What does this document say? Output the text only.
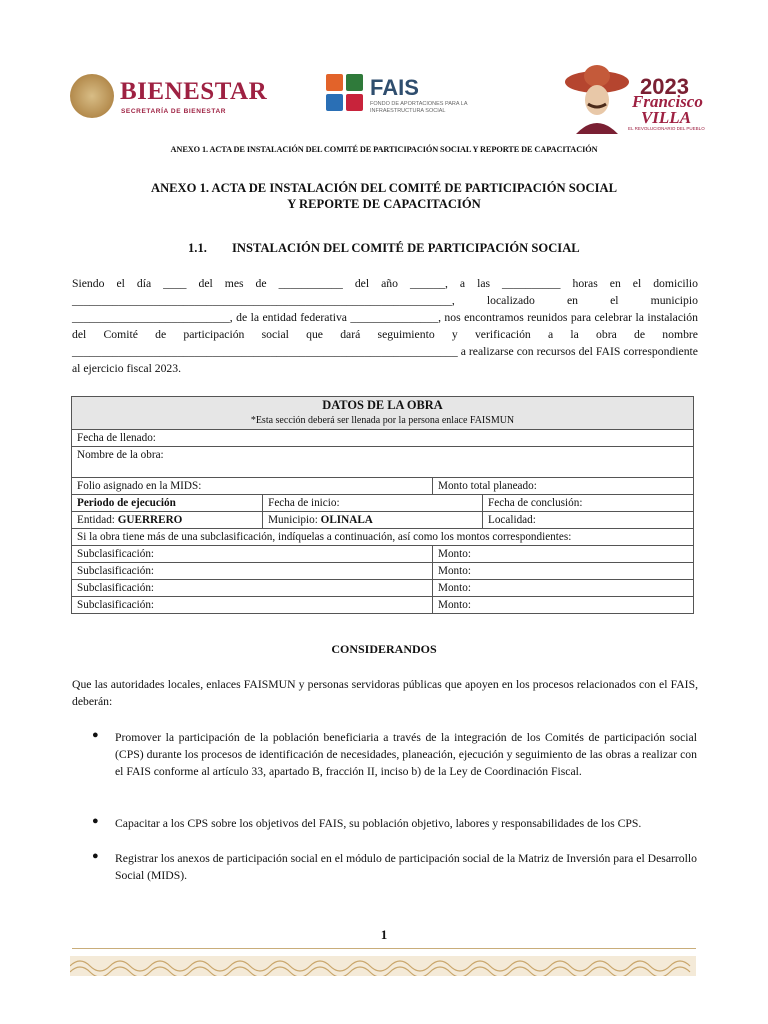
BIENESTAR
SECRETARÍA DE BIENESTAR
FAIS
FONDO DE APORTACIONES PARA LA INFRAESTRUCTURA SOCIAL
2023
Francisco
VILLA
EL REVOLUCIONARIO DEL PUEBLO
ANEXO 1. ACTA DE INSTALACIÓN DEL COMITÉ DE PARTICIPACIÓN SOCIAL Y REPORTE DE CAPACITACIÓN
ANEXO 1. ACTA DE INSTALACIÓN DEL COMITÉ DE PARTICIPACIÓN SOCIAL
Y REPORTE DE CAPACITACIÓN
1.1. INSTALACIÓN DEL COMITÉ DE PARTICIPACIÓN SOCIAL
Siendo el día ____ del mes de ___________ del año ______, a las __________ horas en el domicilio _________________________________________________________________, localizado en el municipio ___________________________, de la entidad federativa _______________, nos encontramos reunidos para celebrar la instalación del Comité de participación social que dará seguimiento y verificación a la obra de nombre __________________________________________________________________ a realizarse con recursos del FAIS correspondiente al ejercicio fiscal 2023.
DATOS DE LA OBRA
*Esta sección deberá ser llenada por la persona enlace FAISMUN					

Fecha de llenado:					
Nombre de la obra:					
Folio asignado en la MIDS:				Monto total planeado:	
Periodo de ejecución		Fecha de inicio:			Fecha de conclusión:
Entidad: GUERRERO		Municipio: OLINALA			Localidad:
Si la obra tiene más de una subclasificación, indíquelas a continuación, así como los montos correspondientes:					
Subclasificación:				Monto:	
Subclasificación:				Monto:	
Subclasificación:				Monto:	
Subclasificación:				Monto:	

CONSIDERANDOS
Que las autoridades locales, enlaces FAISMUN y personas servidoras públicas que apoyen en los procesos relacionados con el FAIS, deberán:
● Promover la participación de la población beneficiaria a través de la integración de los Comités de participación social (CPS) durante los procesos de identificación de necesidades, planeación, ejecución y seguimiento de las obras a realizar con el FAIS conforme al artículo 33, apartado B, fracción II, inciso b) de la Ley de Coordinación Fiscal.
● Capacitar a los CPS sobre los objetivos del FAIS, su población objetivo, labores y responsabilidades de los CPS.
● Registrar los anexos de participación social en el módulo de participación social de la Matriz de Inversión para el Desarrollo Social (MIDS).
1
